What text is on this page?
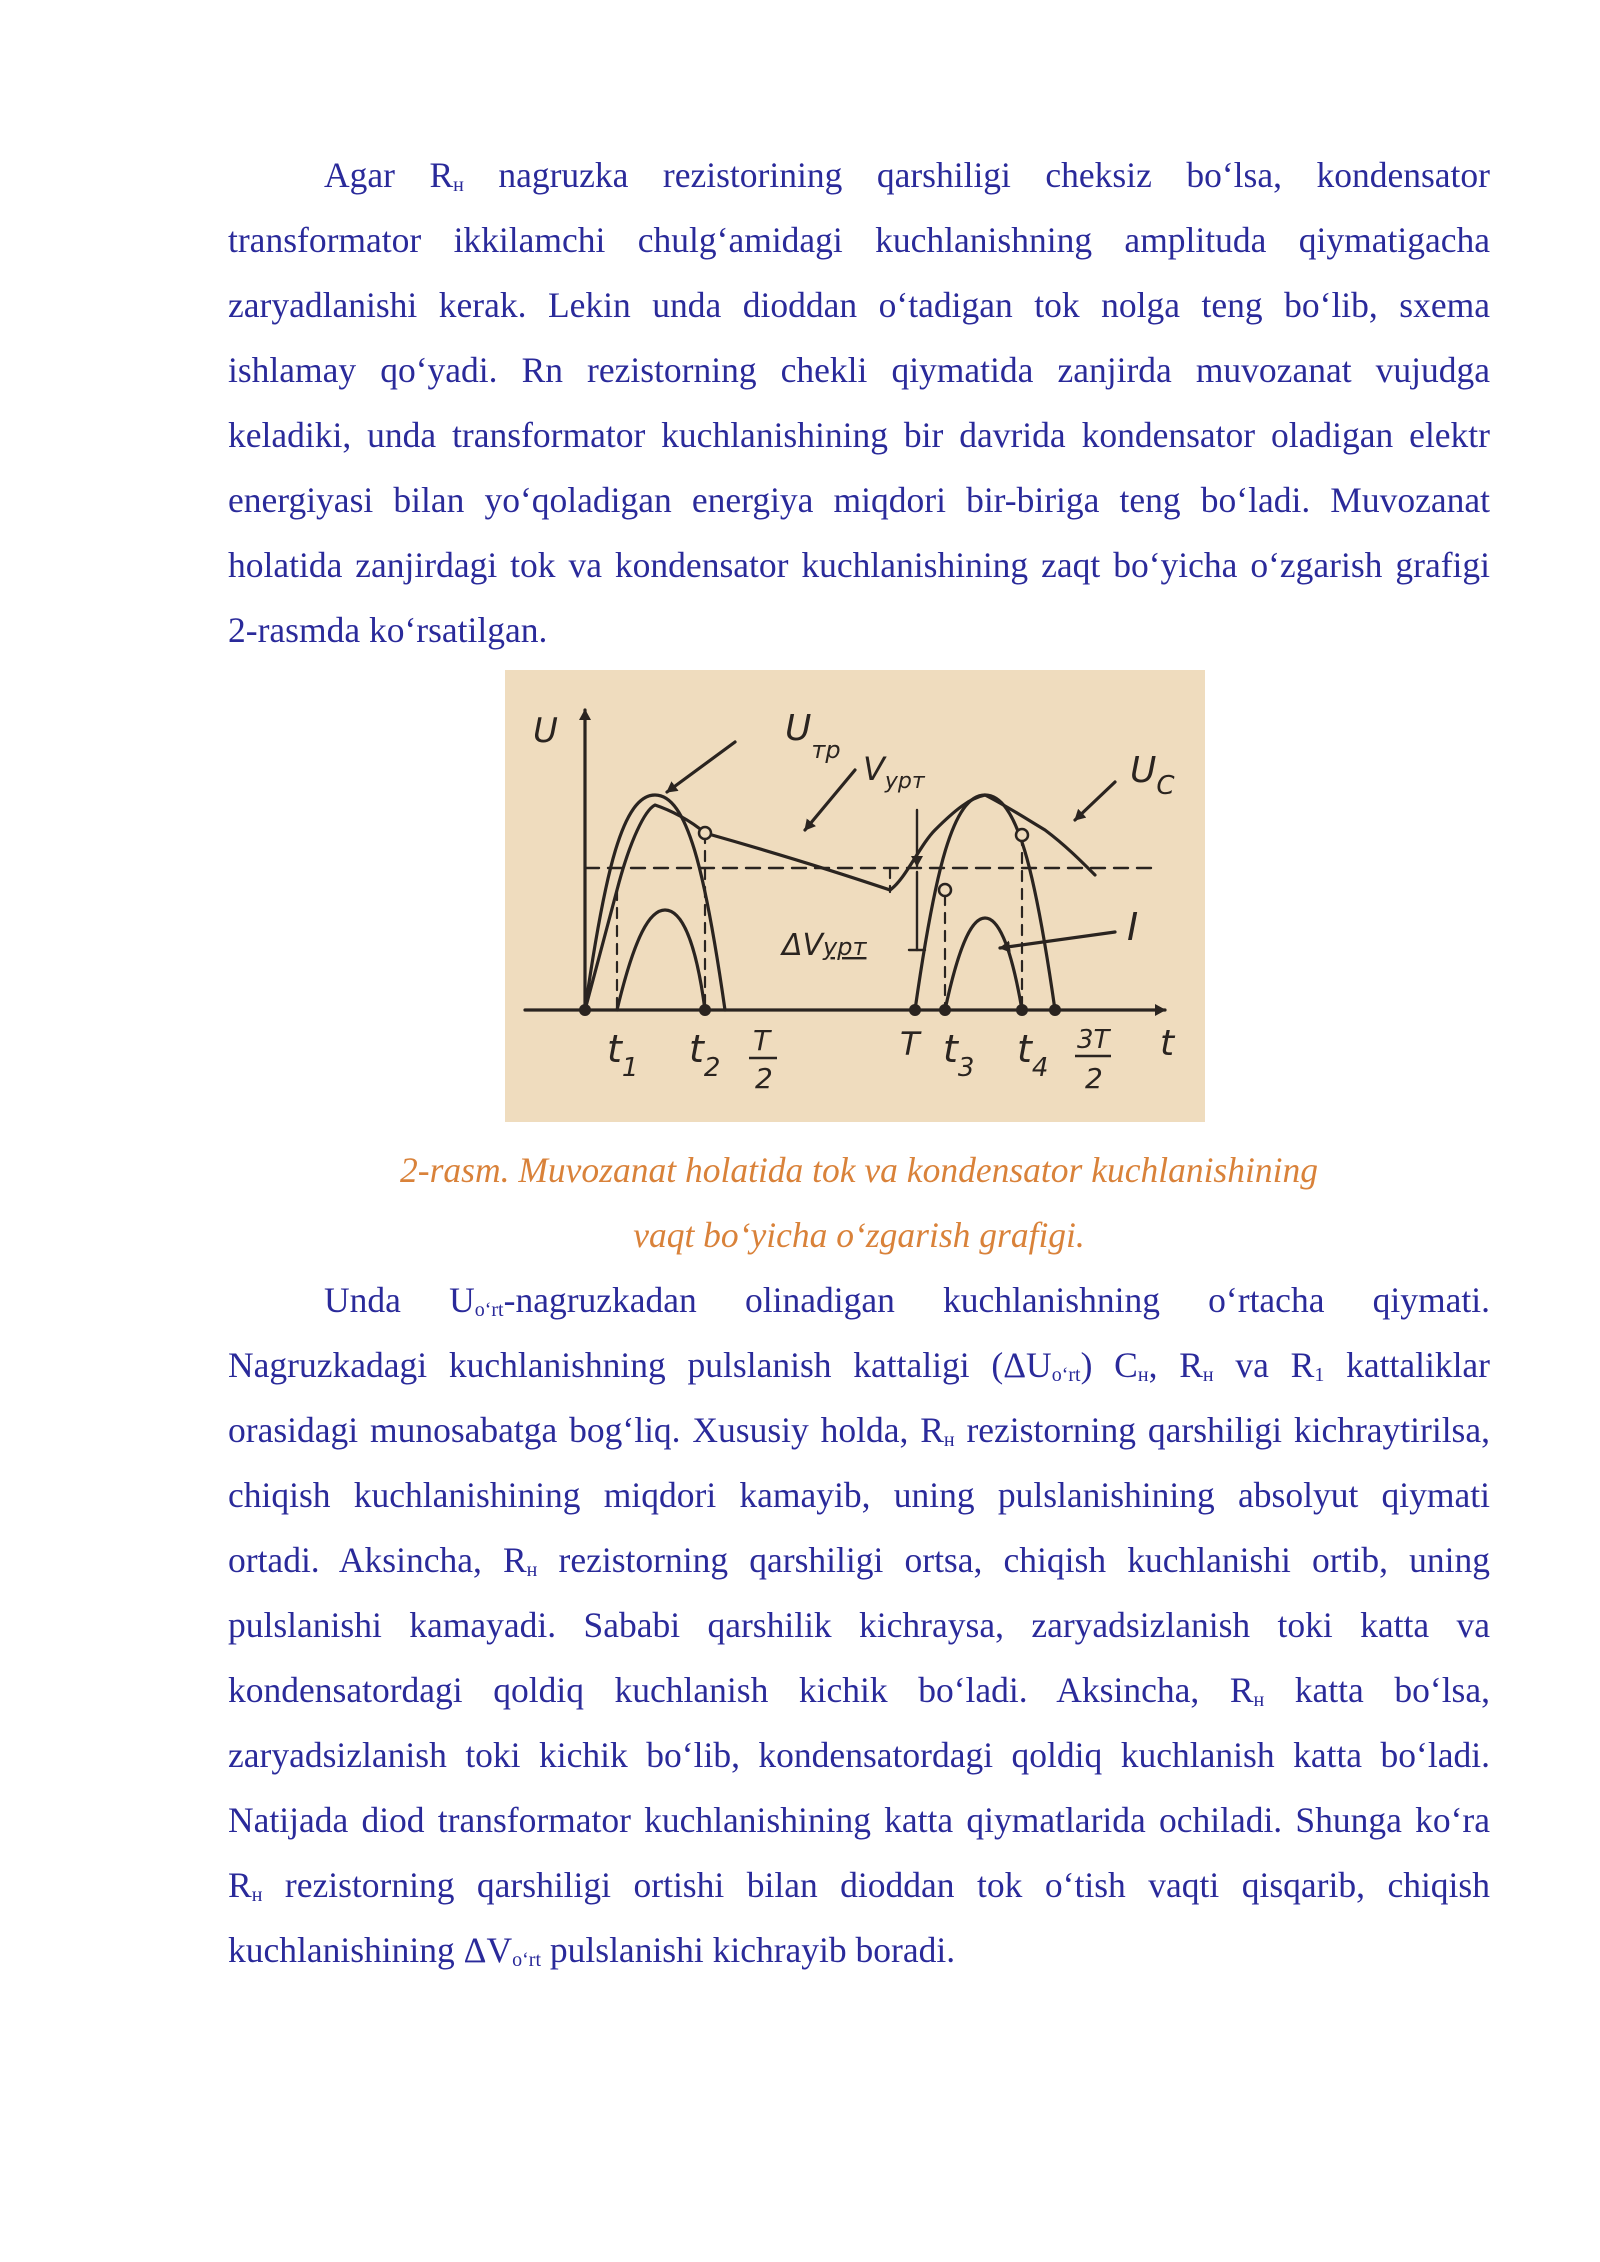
Agar $R_н$ nagruzka rezistorining qarshiligi cheksiz bo‘lsa, kondensator transformator ikkilamchi chulg‘amidagi kuchlanishning amplituda qiymatigacha zaryadlanishi kerak. Lekin unda dioddan o‘tadigan tok nolga teng bo‘lib, sxema ishlamay qo‘yadi. Rn rezistorning chekli qiymatida zanjirda muvozanat vujudga keladiki, unda transformator kuchlanishining bir davrida kondensator oladigan elektr energiyasi bilan yo‘qoladigan energiya miqdori bir-biriga teng bo‘ladi. Muvozanat holatida zanjirdagi tok va kondensator kuchlanishining zaqt bo‘yicha o‘zgarish grafigi 2-rasmda ko‘rsatilgan.

U
t
$U_{тр}$ $V_{урт}$	$U_C$
ΔVурт	I
$t_1$ $t_2$
T
2
T $t_3$ $t_4$
3T
2

2-rasm. Muvozanat holatida tok va kondensator kuchlanishining

vaqt bo‘yicha o‘zgarish grafigi.

Unda $U_{o‘rt}$-nagruzkadan olinadigan kuchlanishning o‘rtacha qiymati. Nagruzkadagi kuchlanishning pulslanish kattaligi $(\Delta U_{o‘rt})$ $C_н$, $R_н$ va $R_1$ kattaliklar orasidagi munosabatga bog‘liq. Xususiy holda, $R_н$ rezistorning qarshiligi kichraytirilsa, chiqish kuchlanishining miqdori kamayib, uning pulslanishining absolyut qiymati ortadi. Aksincha, $R_н$ rezistorning qarshiligi ortsa, chiqish kuchlanishi ortib, uning pulslanishi kamayadi. Sababi qarshilik kichraysa, zaryadsizlanish toki katta va kondensatordagi qoldiq kuchlanish kichik bo‘ladi. Aksincha, $R_н$ katta bo‘lsa, zaryadsizlanish toki kichik bo‘lib, kondensatordagi qoldiq kuchlanish katta bo‘ladi. Natijada diod transformator kuchlanishining katta qiymatlarida ochiladi. Shunga ko‘ra $R_н$ rezistorning qarshiligi ortishi bilan dioddan tok o‘tish vaqti qisqarib, chiqish kuchlanishining $\Delta V_{o‘rt}$ pulslanishi kichrayib boradi.
